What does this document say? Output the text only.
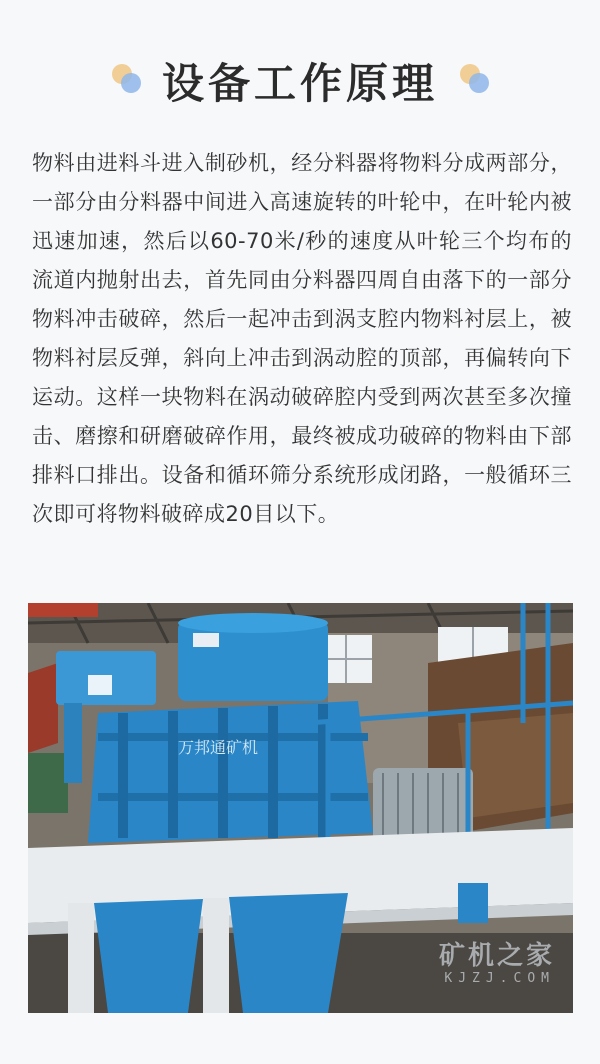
设备工作原理
物料由进料斗进入制砂机，经分料器将物料分成两部分，一部分由分料器中间进入高速旋转的叶轮中，在叶轮内被迅速加速，然后以60-70米/秒的速度从叶轮三个均布的流道内抛射出去，首先同由分料器四周自由落下的一部分物料冲击破碎，然后一起冲击到涡支腔内物料衬层上，被物料衬层反弹，斜向上冲击到涡动腔的顶部，再偏转向下运动。这样一块物料在涡动破碎腔内受到两次甚至多次撞击、磨擦和研磨破碎作用，最终被成功破碎的物料由下部排料口排出。设备和循环筛分系统形成闭路，一般循环三次即可将物料破碎成20目以下。
万邦通矿机
矿机之家
KJZJ.COM
